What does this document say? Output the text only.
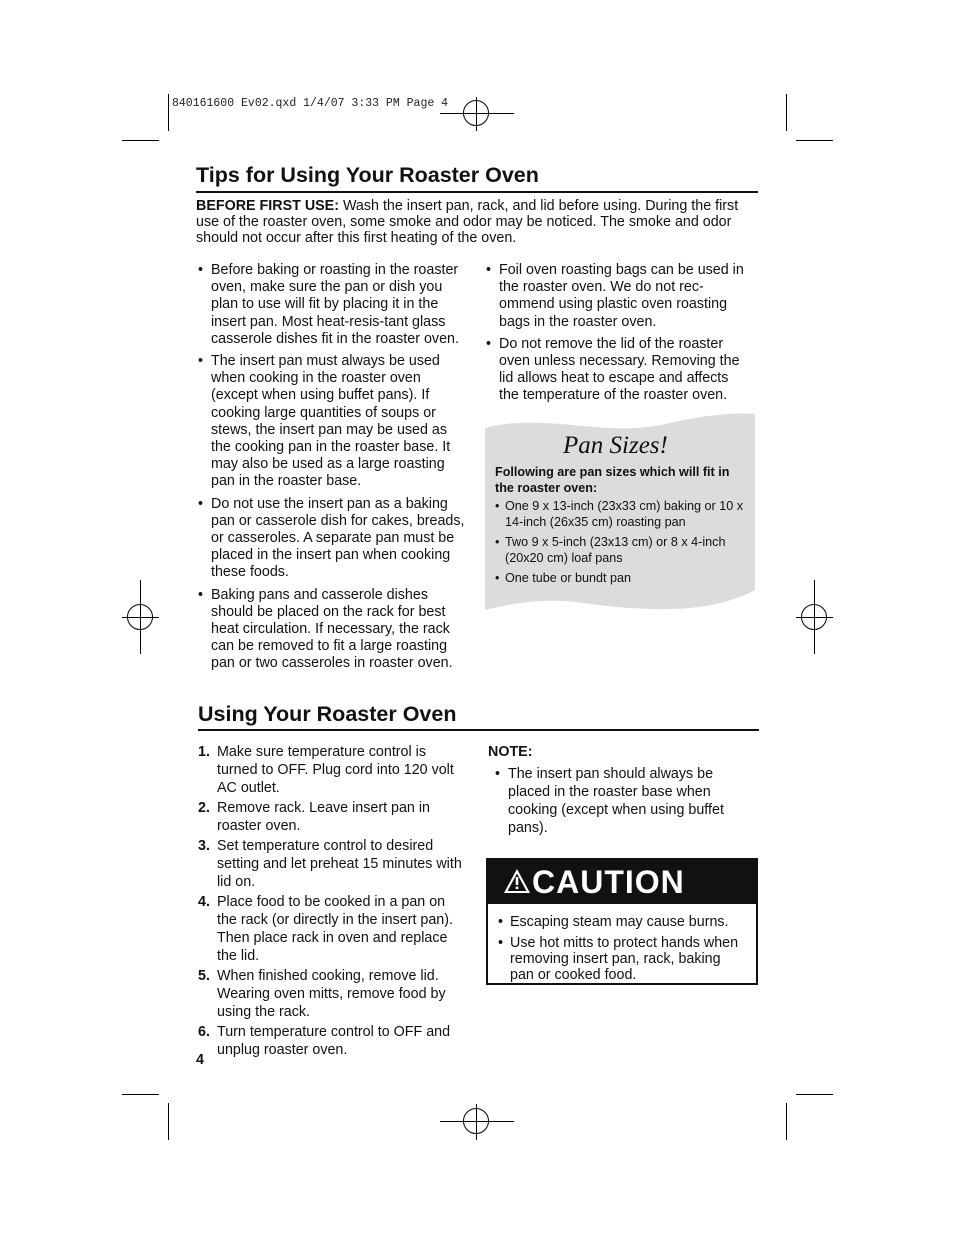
840161600 Ev02.qxd 1/4/07 3:33 PM Page 4
Tips for Using Your Roaster Oven
BEFORE FIRST USE: Wash the insert pan, rack, and lid before using. During the first use of the roaster oven, some smoke and odor may be noticed. The smoke and odor should not occur after this first heating of the oven.
• Before baking or roasting in the roaster oven, make sure the pan or dish you plan to use will fit by placing it in the insert pan. Most heat-resis-tant glass casserole dishes fit in the roaster oven.
• The insert pan must always be used when cooking in the roaster oven (except when using buffet pans). If cooking large quantities of soups or stews, the insert pan may be used as the cooking pan in the roaster base. It may also be used as a large roasting pan in the roaster base.
• Do not use the insert pan as a baking pan or casserole dish for cakes, breads, or casseroles. A separate pan must be placed in the insert pan when cooking these foods.
• Baking pans and casserole dishes should be placed on the rack for best heat circulation. If necessary, the rack can be removed to fit a large roasting pan or two casseroles in roaster oven.
• Foil oven roasting bags can be used in the roaster oven. We do not rec-ommend using plastic oven roasting bags in the roaster oven.
• Do not remove the lid of the roaster oven unless necessary. Removing the lid allows heat to escape and affects the temperature of the roaster oven.
Pan Sizes!
Following are pan sizes which will fit in the roaster oven:
• One 9 x 13-inch (23x33 cm) baking or 10 x 14-inch (26x35 cm) roasting pan
• Two 9 x 5-inch (23x13 cm) or 8 x 4-inch (20x20 cm) loaf pans
• One tube or bundt pan
Using Your Roaster Oven
1. Make sure temperature control is turned to OFF. Plug cord into 120 volt AC outlet.
2. Remove rack. Leave insert pan in roaster oven.
3. Set temperature control to desired setting and let preheat 15 minutes with lid on.
4. Place food to be cooked in a pan on the rack (or directly in the insert pan). Then place rack in oven and replace the lid.
5. When finished cooking, remove lid. Wearing oven mitts, remove food by using the rack.
6. Turn temperature control to OFF and unplug roaster oven.
NOTE:
• The insert pan should always be placed in the roaster base when cooking (except when using buffet pans).
CAUTION
• Escaping steam may cause burns.
• Use hot mitts to protect hands when removing insert pan, rack, baking pan or cooked food.
4
